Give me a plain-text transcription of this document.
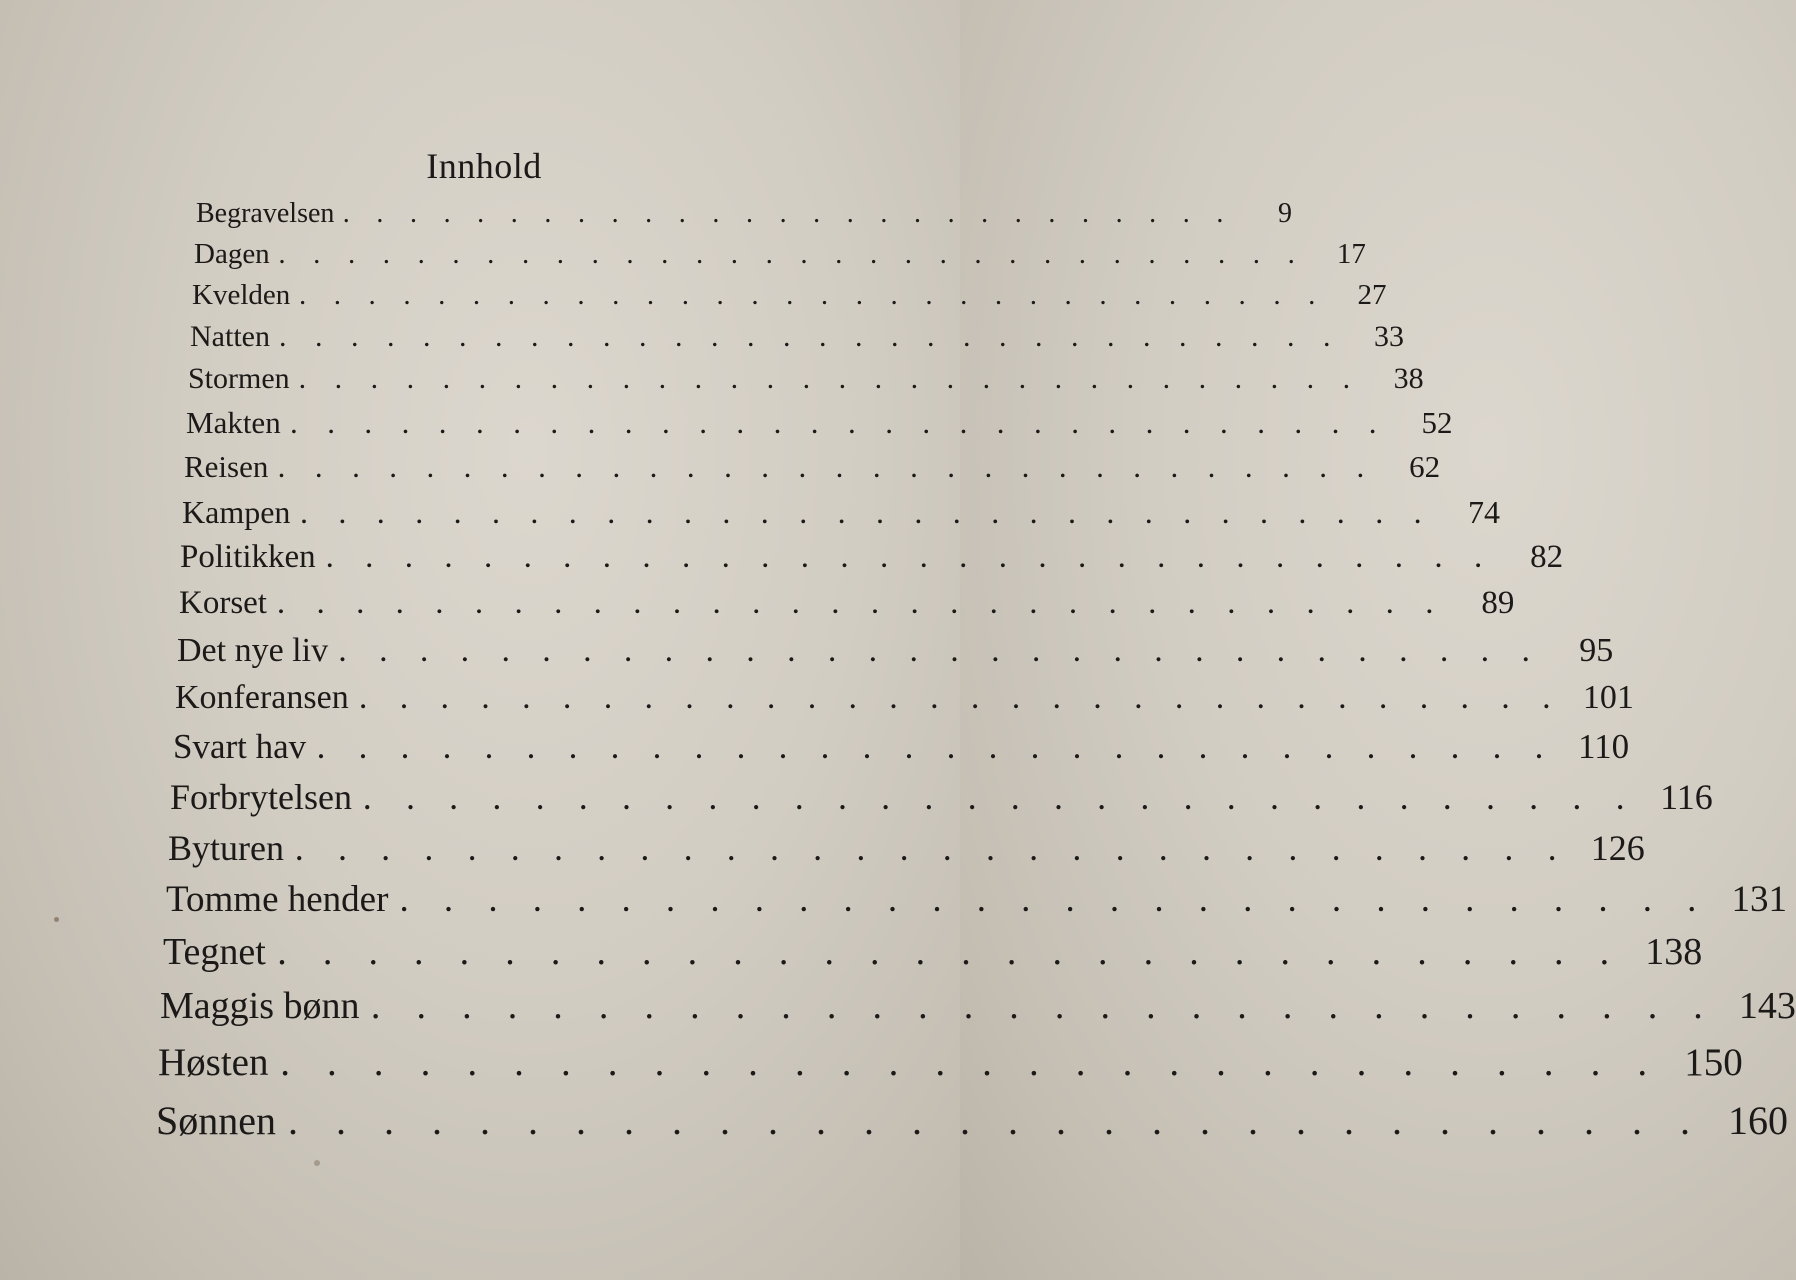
Innhold
Begravelsen . . . . . . . . . . . . . . . . . . . . . . . . . . .	9
Dagen . . . . . . . . . . . . . . . . . . . . . . . . . . . . . .	17
Kvelden . . . . . . . . . . . . . . . . . . . . . . . . . . . . . .	27
Natten . . . . . . . . . . . . . . . . . . . . . . . . . . . . . .	33
Stormen . . . . . . . . . . . . . . . . . . . . . . . . . . . . . .	38
Makten . . . . . . . . . . . . . . . . . . . . . . . . . . . . . .	52
Reisen . . . . . . . . . . . . . . . . . . . . . . . . . . . . . .	62
Kampen . . . . . . . . . . . . . . . . . . . . . . . . . . . . . .	74
Politikken . . . . . . . . . . . . . . . . . . . . . . . . . . . . . .	82
Korset . . . . . . . . . . . . . . . . . . . . . . . . . . . . . .	89
Det nye liv . . . . . . . . . . . . . . . . . . . . . . . . . . . . . .	95
Konferansen . . . . . . . . . . . . . . . . . . . . . . . . . . . . . . 101
Svart hav . . . . . . . . . . . . . . . . . . . . . . . . . . . . . . 110
Forbrytelsen . . . . . . . . . . . . . . . . . . . . . . . . . . . . . . 116
Byturen . . . . . . . . . . . . . . . . . . . . . . . . . . . . . . 126
Tomme hender . . . . . . . . . . . . . . . . . . . . . . . . . . . . . . 131
Tegnet . . . . . . . . . . . . . . . . . . . . . . . . . . . . . . 138
Maggis bønn . . . . . . . . . . . . . . . . . . . . . . . . . . . . . . 143
Høsten . . . . . . . . . . . . . . . . . . . . . . . . . . . . . . 150
Sønnen . . . . . . . . . . . . . . . . . . . . . . . . . . . . . . 160
